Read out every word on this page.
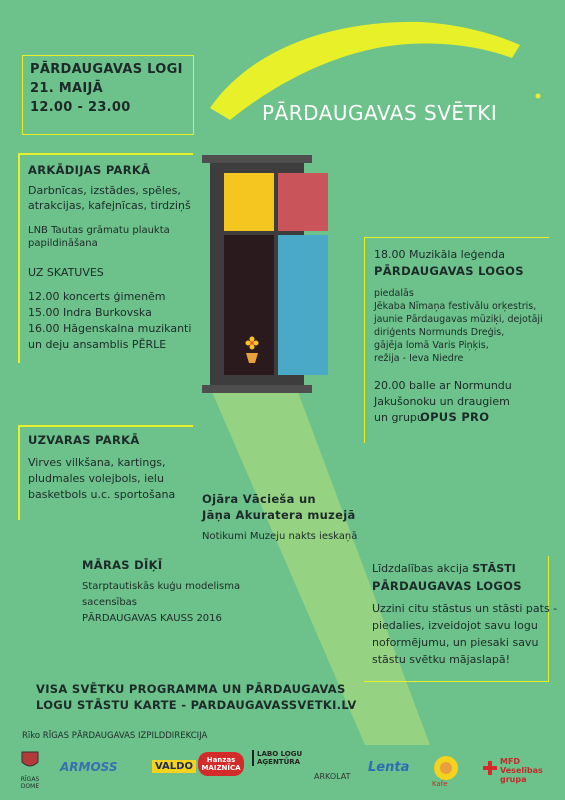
PĀRDAUGAVAS LOGI
21. MAIJĀ
12.00 - 23.00	PĀRDAUGAVAS SVĒTKI
ARKĀDIJAS PARKĀ
Darbnīcas, izstādes, spēles,
atrakcijas, kafejnīcas, tirdziņš
LNB Tautas grāmatu plaukta
papildināšana
UZ SKATUVES
12.00 koncerts ģimenēm
15.00 Indra Burkovska
16.00 Hāgenskalna muzikanti
un deju ansamblis PĒRLE
18.00 Muzikāla leģenda
PĀRDAUGAVAS LOGOS
piedalās
Jēkaba Nīmaņa festivālu orķestris,
jaunie Pārdaugavas mūziķi, dejotāji
diriģents Normunds Dreģis,
gājēja lomā Varis Piņķis,
režija - Ieva Niedre
20.00 balle ar Normundu
Jakušonoku un draugiem
un grupu
OPUS PRO
UZVARAS PARKĀ
Virves vilkšana, kartings,
pludmales volejbols, ielu
basketbols u.c. sportošana Ojāra Vācieša un
Jāņa Akuratera muzejā
Notikumi Muzeju nakts ieskaņā
MĀRAS DĪĶĪ
Starptautiskās kuģu modelisma
sacensības
PĀRDAUGAVAS KAUSS 2016
Līdzdalības akcija STĀSTI
PĀRDAUGAVAS LOGOS
Uzzini citu stāstus un stāsti pats -
piedalies, izveidojot savu logu
noformējumu, un piesaki savu
stāstu svētku mājaslapā!
VISA SVĒTKU PROGRAMMA UN PĀRDAUGAVAS
LOGU STĀSTU KARTE - PARDAUGAVASSVETKI.LV
Rīko RĪGAS PĀRDAUGAVAS IZPILDDIREKCIJA
RĪGAS DOME
ARMOSS	VALDO
Hanzas MAIZNĪCA
LABO LOGU AĢENTŪRA
ARKOLAT
Lenta
Kafe
MFD Veselības grupa
